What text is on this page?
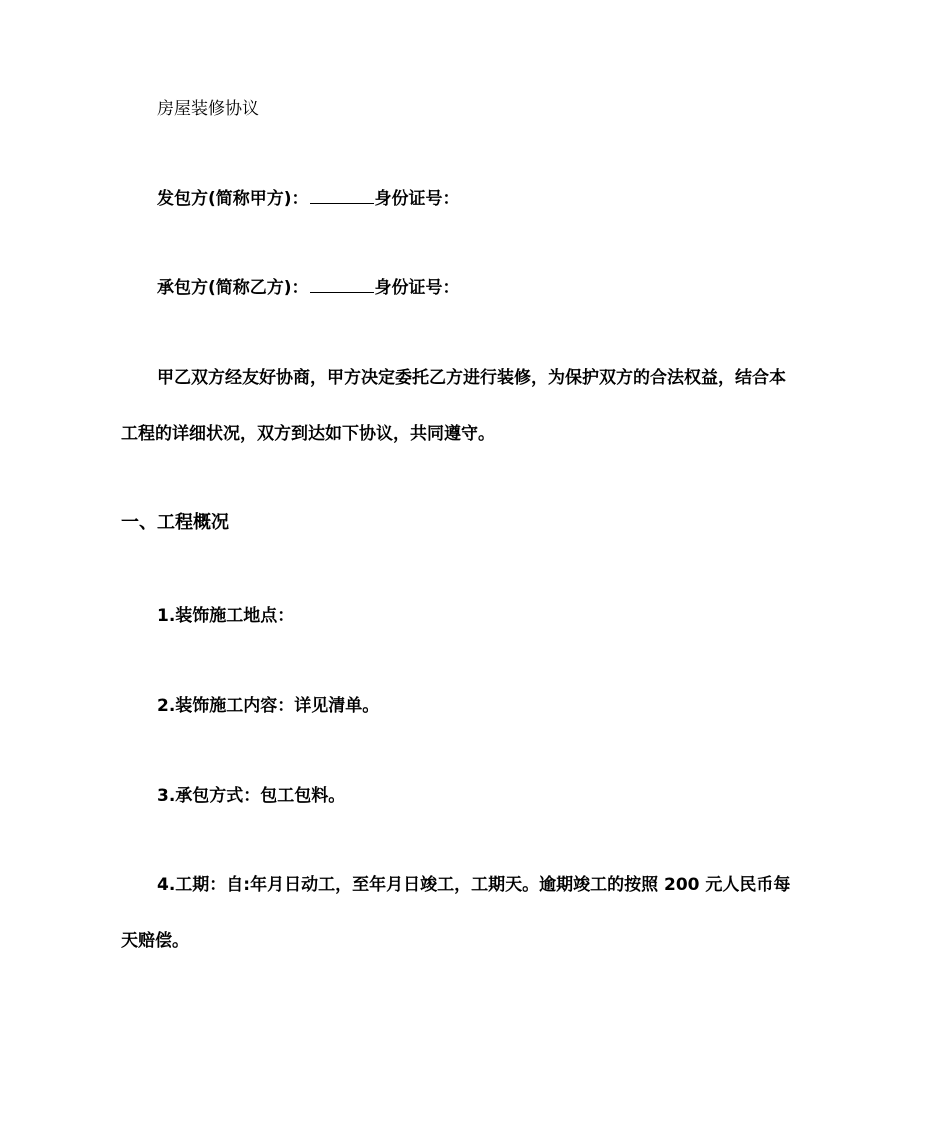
房屋装修协议
发包方(简称甲方)：	身份证号：
承包方(简称乙方)：	身份证号：
甲乙双方经友好协商，甲方决定委托乙方进行装修，为保护双方的合法权益，结合本
工程的详细状况，双方到达如下协议，共同遵守。
一、工程概况
1.装饰施工地点：
2.装饰施工内容：详见清单。
3.承包方式：包工包料。
4.工期：自:年月日动工，至年月日竣工，工期天。逾期竣工的按照 200 元人民币每
天赔偿。
